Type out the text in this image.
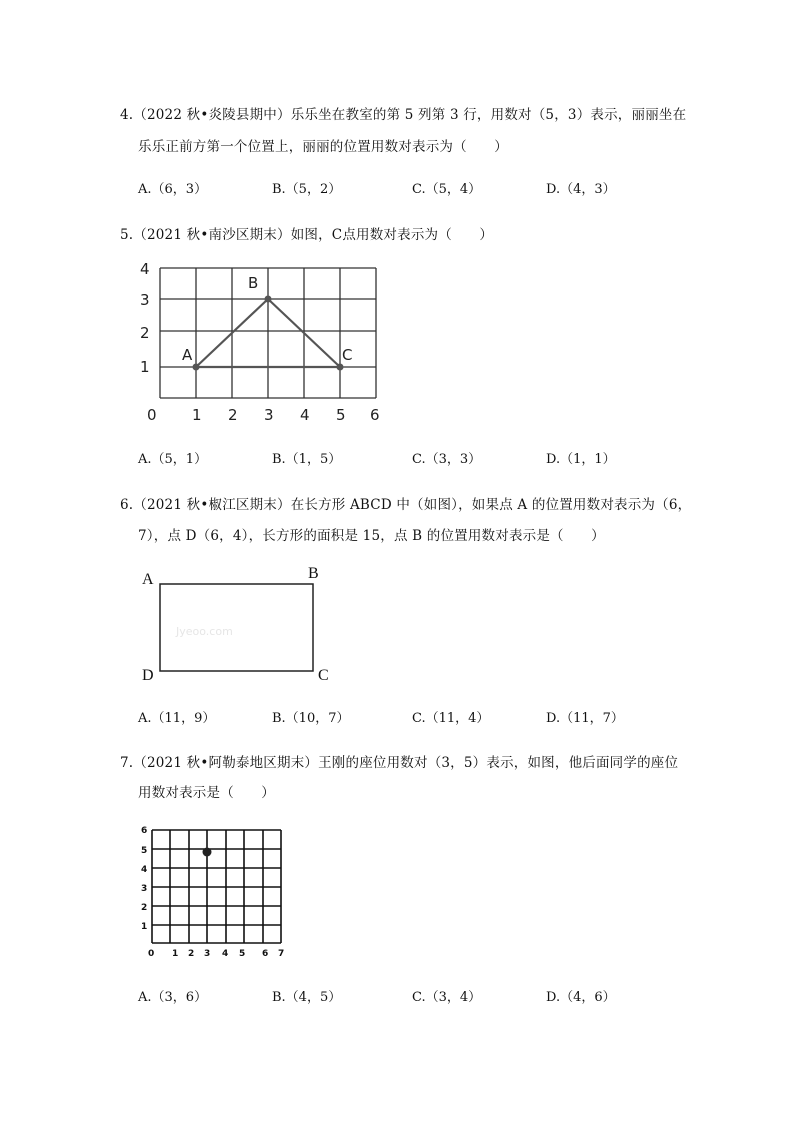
4.（2022 秋•炎陵县期中）乐乐坐在教室的第 5 列第 3 行，用数对（5，3）表示，丽丽坐在
乐乐正前方第一个位置上，丽丽的位置用数对表示为（　　）
A.（6，3）	B.（5，2）	C.（5，4）	D.（4，3）
5.（2021 秋•南沙区期末）如图，C点用数对表示为（　　）
4
3
2
1
0 1 2 3 4 5 6
A
B
C
A.（5，1）	B.（1，5）	C.（3，3）	D.（1，1）
6.（2021 秋•椒江区期末）在长方形 ABCD 中（如图），如果点 A 的位置用数对表示为（6，
7），点 D（6，4），长方形的面积是 15，点 B 的位置用数对表示是（　　）
Jyeoo.com
A	B
C
D
A.（11，9）	B.（10，7）	C.（11，4）	D.（11，7）
7.（2021 秋•阿勒泰地区期末）王刚的座位用数对（3，5）表示，如图，他后面同学的座位
用数对表示是（　　）
6
5
4
3
2
1
0 1 2 3 4 5 6 7
A.（3，6）	B.（4，5）	C.（3，4）	D.（4，6）
